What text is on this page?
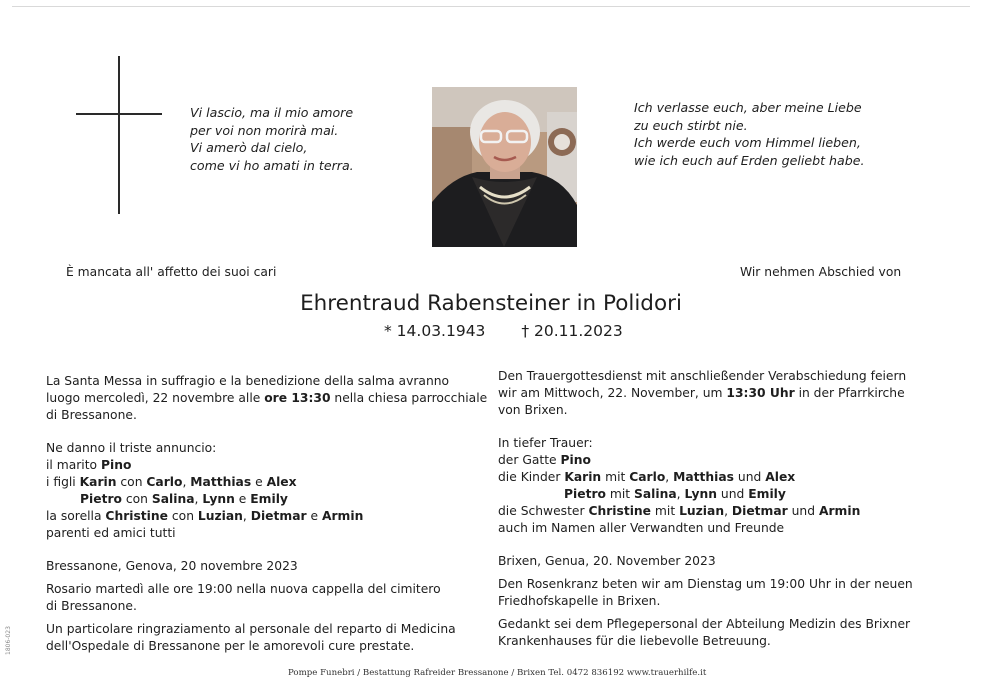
Vi lascio, ma il mio amore
per voi non morirà mai.
Vi amerò dal cielo,
come vi ho amati in terra.
Ich verlasse euch, aber meine Liebe
zu euch stirbt nie.
Ich werde euch vom Himmel lieben,
wie ich euch auf Erden geliebt habe.
È mancata all' affetto dei suoi cari	Wir nehmen Abschied von
Ehrentraud Rabensteiner in Polidori
* 14.03.1943 † 20.11.2023
La Santa Messa in suffragio e la benedizione della salma avranno
luogo mercoledì, 22 novembre alle ore 13:30 nella chiesa parrocchiale
di Bressanone.
Ne danno il triste annuncio:
il marito Pino
i figli Karin con Carlo, Matthias e Alex
Pietro con Salina, Lynn e Emily
la sorella Christine con Luzian, Dietmar e Armin
parenti ed amici tutti
Bressanone, Genova, 20 novembre 2023
Rosario martedì alle ore 19:00 nella nuova cappella del cimitero
di Bressanone.
Un particolare ringraziamento al personale del reparto di Medicina
dell'Ospedale di Bressanone per le amorevoli cure prestate.
Den Trauergottesdienst mit anschließender Verabschiedung feiern
wir am Mittwoch, 22. November, um 13:30 Uhr in der Pfarrkirche
von Brixen.
In tiefer Trauer:
der Gatte Pino
die Kinder Karin mit Carlo, Matthias und Alex
Pietro mit Salina, Lynn und Emily
die Schwester Christine mit Luzian, Dietmar und Armin
auch im Namen aller Verwandten und Freunde
Brixen, Genua, 20. November 2023
Den Rosenkranz beten wir am Dienstag um 19:00 Uhr in der neuen
Friedhofskapelle in Brixen.
Gedankt sei dem Pflegepersonal der Abteilung Medizin des Brixner
Krankenhauses für die liebevolle Betreuung.
Pompe Funebri / Bestattung Rafreider Bressanone / Brixen Tel. 0472 836192 www.trauerhilfe.it
1806-023
